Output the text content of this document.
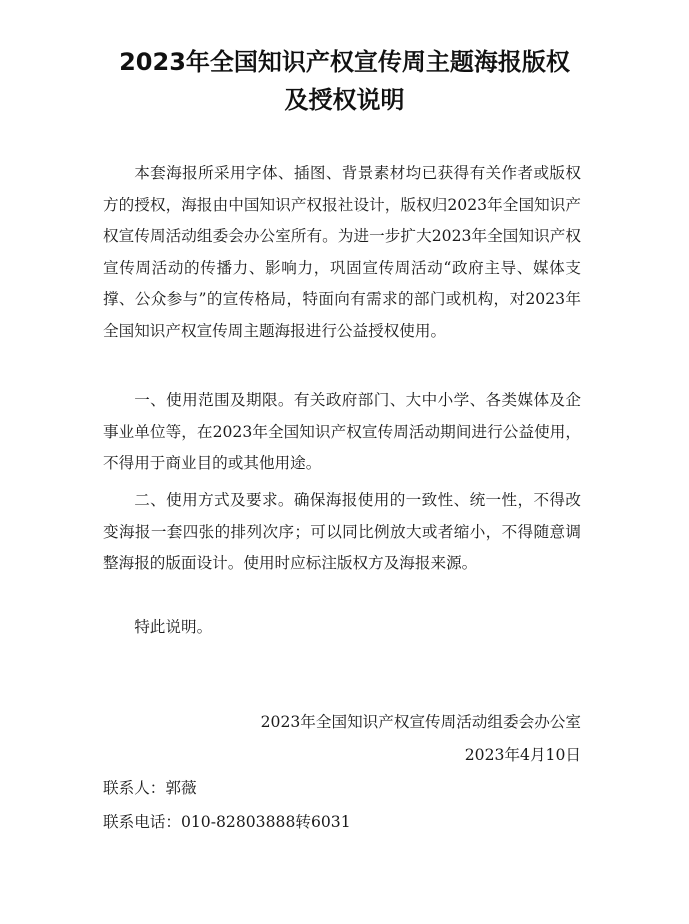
2023年全国知识产权宣传周主题海报版权
及授权说明

本套海报所采用字体、插图、背景素材均已获得有关作者或版权方的授权，海报由中国知识产权报社设计，版权归2023年全国知识产权宣传周活动组委会办公室所有。为进一步扩大2023年全国知识产权宣传周活动的传播力、影响力，巩固宣传周活动“政府主导、媒体支撑、公众参与”的宣传格局，特面向有需求的部门或机构，对2023年全国知识产权宣传周主题海报进行公益授权使用。

一、使用范围及期限。有关政府部门、大中小学、各类媒体及企事业单位等，在2023年全国知识产权宣传周活动期间进行公益使用，不得用于商业目的或其他用途。

二、使用方式及要求。确保海报使用的一致性、统一性，不得改变海报一套四张的排列次序；可以同比例放大或者缩小，不得随意调整海报的版面设计。使用时应标注版权方及海报来源。

特此说明。

2023年全国知识产权宣传周活动组委会办公室
2023年4月10日
联系人：郭薇
联系电话：010-82803888转6031
